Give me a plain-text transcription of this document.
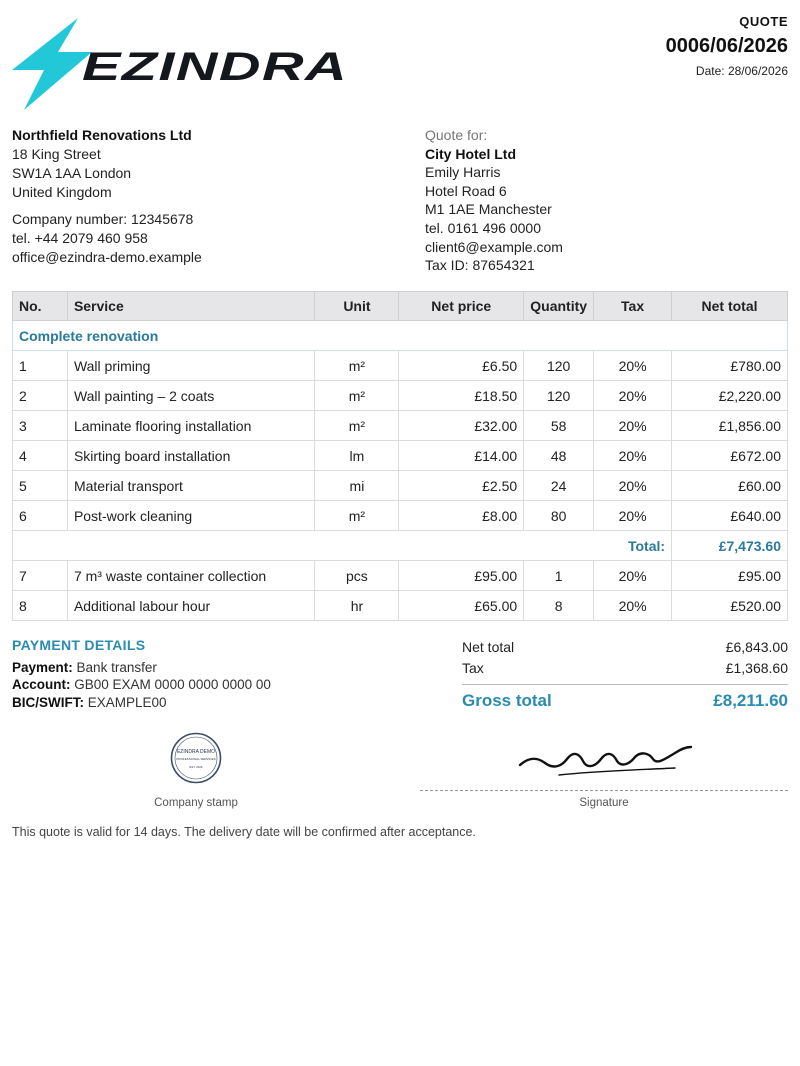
EZINDRA
QUOTE
0006/06/2026
Date: 28/06/2026
Northfield Renovations Ltd
18 King Street
SW1A 1AA London
United Kingdom
Company number: 12345678
tel. +44 2079 460 958
office@ezindra-demo.example
Quote for:
City Hotel Ltd
Emily Harris
Hotel Road 6
M1 1AE Manchester
tel. 0161 496 0000
client6@example.com
Tax ID: 87654321
No.	Service	Unit	Net price	Quantity	Tax	Net total
Complete renovation						
1	Wall priming	m²	£6.50	120	20%	£780.00
2	Wall painting – 2 coats	m²	£18.50	120	20%	£2,220.00
3	Laminate flooring installation	m²	£32.00	58	20%	£1,856.00
4	Skirting board installation	lm	£14.00	48	20%	£672.00
5	Material transport	mi	£2.50	24	20%	£60.00
6	Post-work cleaning	m²	£8.00	80	20%	£640.00
Total:						£7,473.60
7	7 m³ waste container collection	pcs	£95.00	1	20%	£95.00
8	Additional labour hour	hr	£65.00	8	20%	£520.00
PAYMENT DETAILS
Payment: Bank transfer
Account: GB00 EXAM 0000 0000 0000 00
BIC/SWIFT: EXAMPLE00
Net total	£6,843.00
Tax	£1,368.60
Gross total	£8,211.60
EZINDRA DEMO
PROFESSIONAL SERVICES
EST. 2026
Company stamp	Signature
This quote is valid for 14 days. The delivery date will be confirmed after acceptance.
